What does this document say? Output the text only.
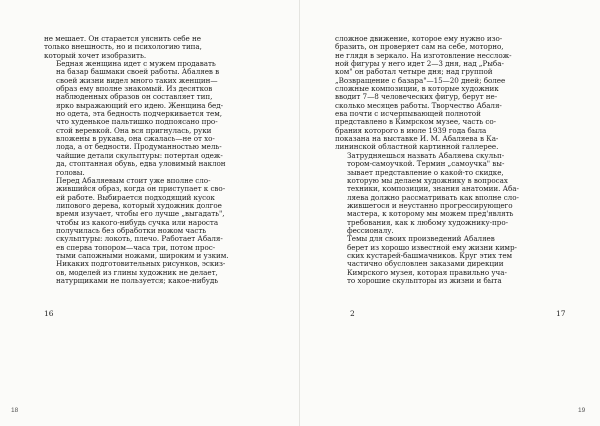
не мешает. Он старается уяснить себе не
только внешность, но и психологию типа,
который хочет изобразить.

Бедная женщина идет с мужем продавать
на базар башмаки своей работы. Абаляев в
своей жизни видел много таких женщин—
образ ему вполне знакомый. Из десятков
наблюденных образов он составляет тип,
ярко выражающий его идею. Женщина бед-
но одета, эта бедность подчеркивается тем,
что худенькое пальтишко подпоясано про-
стой веревкой. Она вся пригнулась, руки
вложены в рукава, она сжалась—не от хо-
лода, а от бедности. Продуманностью мель-
чайшие детали скульптуры: потертая одеж-
да, стоптанная обувь, едва уловимый наклон
головы.

Перед Абаляевым стоит уже вполне сло-
жившийся образ, когда он приступает к сво-
ей работе. Выбирается подходящий кусок
липового дерева, который художник долгое
время изучает, чтобы его лучше „выгадать",
чтобы из какого-нибудь сучка или нароста
получилась без обработки ножом часть
скульптуры: локоть, плечо. Работает Абаля-
ев сперва топором—часа три, потом прос-
тыми сапожными ножами, широким и узким.
Никаких подготовительных рисунков, эскиз-
ов, моделей из глины художник не делает,
натурщиками не пользуется; какое-нибудь

16
18

сложное движение, которое ему нужно изо-
бразить, он проверяет сам на себе, моторно,
не глядя в зеркало. На изготовление несслож-
ной фигуры у него идет 2—3 дня, над „Рыба-
ком" он работал четыре дня; над группой
„Возвращение с базара"—15—20 дней; более
сложные композиции, в которые художник
вводит 7—8 человеческих фигур, берут не-
сколько месяцев работы. Творчество Абаля-
ева почти с исчерпывающей полнотой
представлено в Кимрском музее, часть со-
брания которого в июле 1939 года была
показана на выставке И. М. Абаляева в Ка-
лининской областной картинной галлерее.

Затрудняешься назвать Абаляева скульп-
тором-самоучкой. Термин „самоучка" вы-
зывает представление о какой-то скидке,
которую мы делаем художнику в вопросах
техники, композиции, знания анатомии. Аба-
ляева должно рассматривать как вполне сло-
жившегося и неустанно прогрессирующего
мастера, к которому мы можем пред'являть
требования, как к любому художнику-про-
фессионалу.

Темы для своих произведений Абаляев
берет из хорошо известной ему жизни кимр-
ских кустарей-башмачников. Круг этих тем
частично обусловлен заказами дирекции
Кимрского музея, которая правильно уча-
то хорошие скульпторы из жизни и быта

19
2	17
